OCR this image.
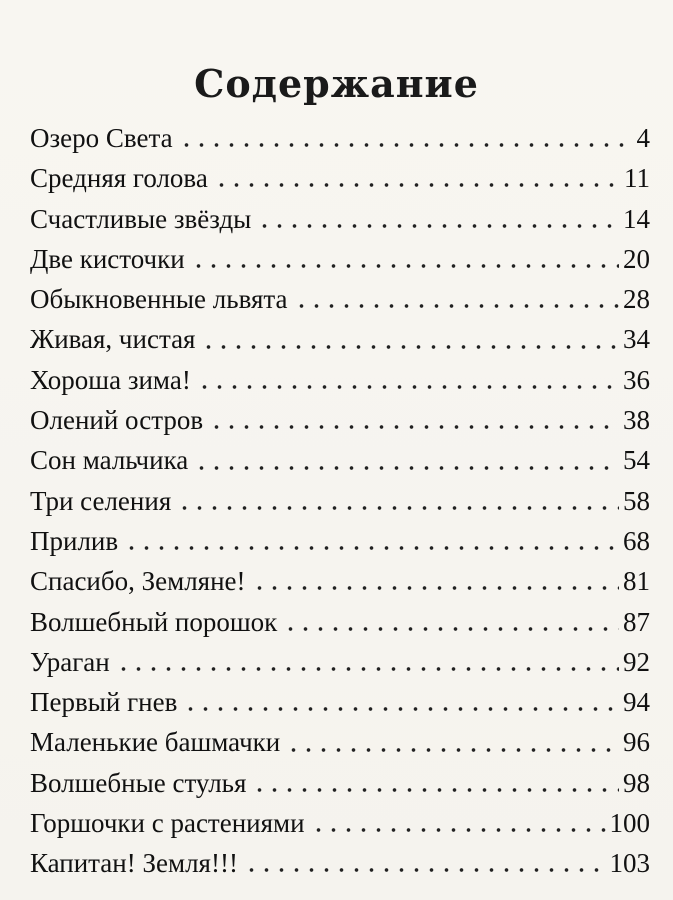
Содержание
Озеро Света	4
Средняя голова	11
Счастливые звёзды	14
Две кисточки	20
Обыкновенные львята	28
Живая, чистая	34
Хороша зима!	36
Олений остров	38
Сон мальчика	54
Три селения	58
Прилив	68
Спасибо, Земляне!	81
Волшебный порошок	87
Ураган	92
Первый гнев	94
Маленькие башмачки	96
Волшебные стулья	98
Горшочки с растениями	100
Капитан! Земля!!!	103
